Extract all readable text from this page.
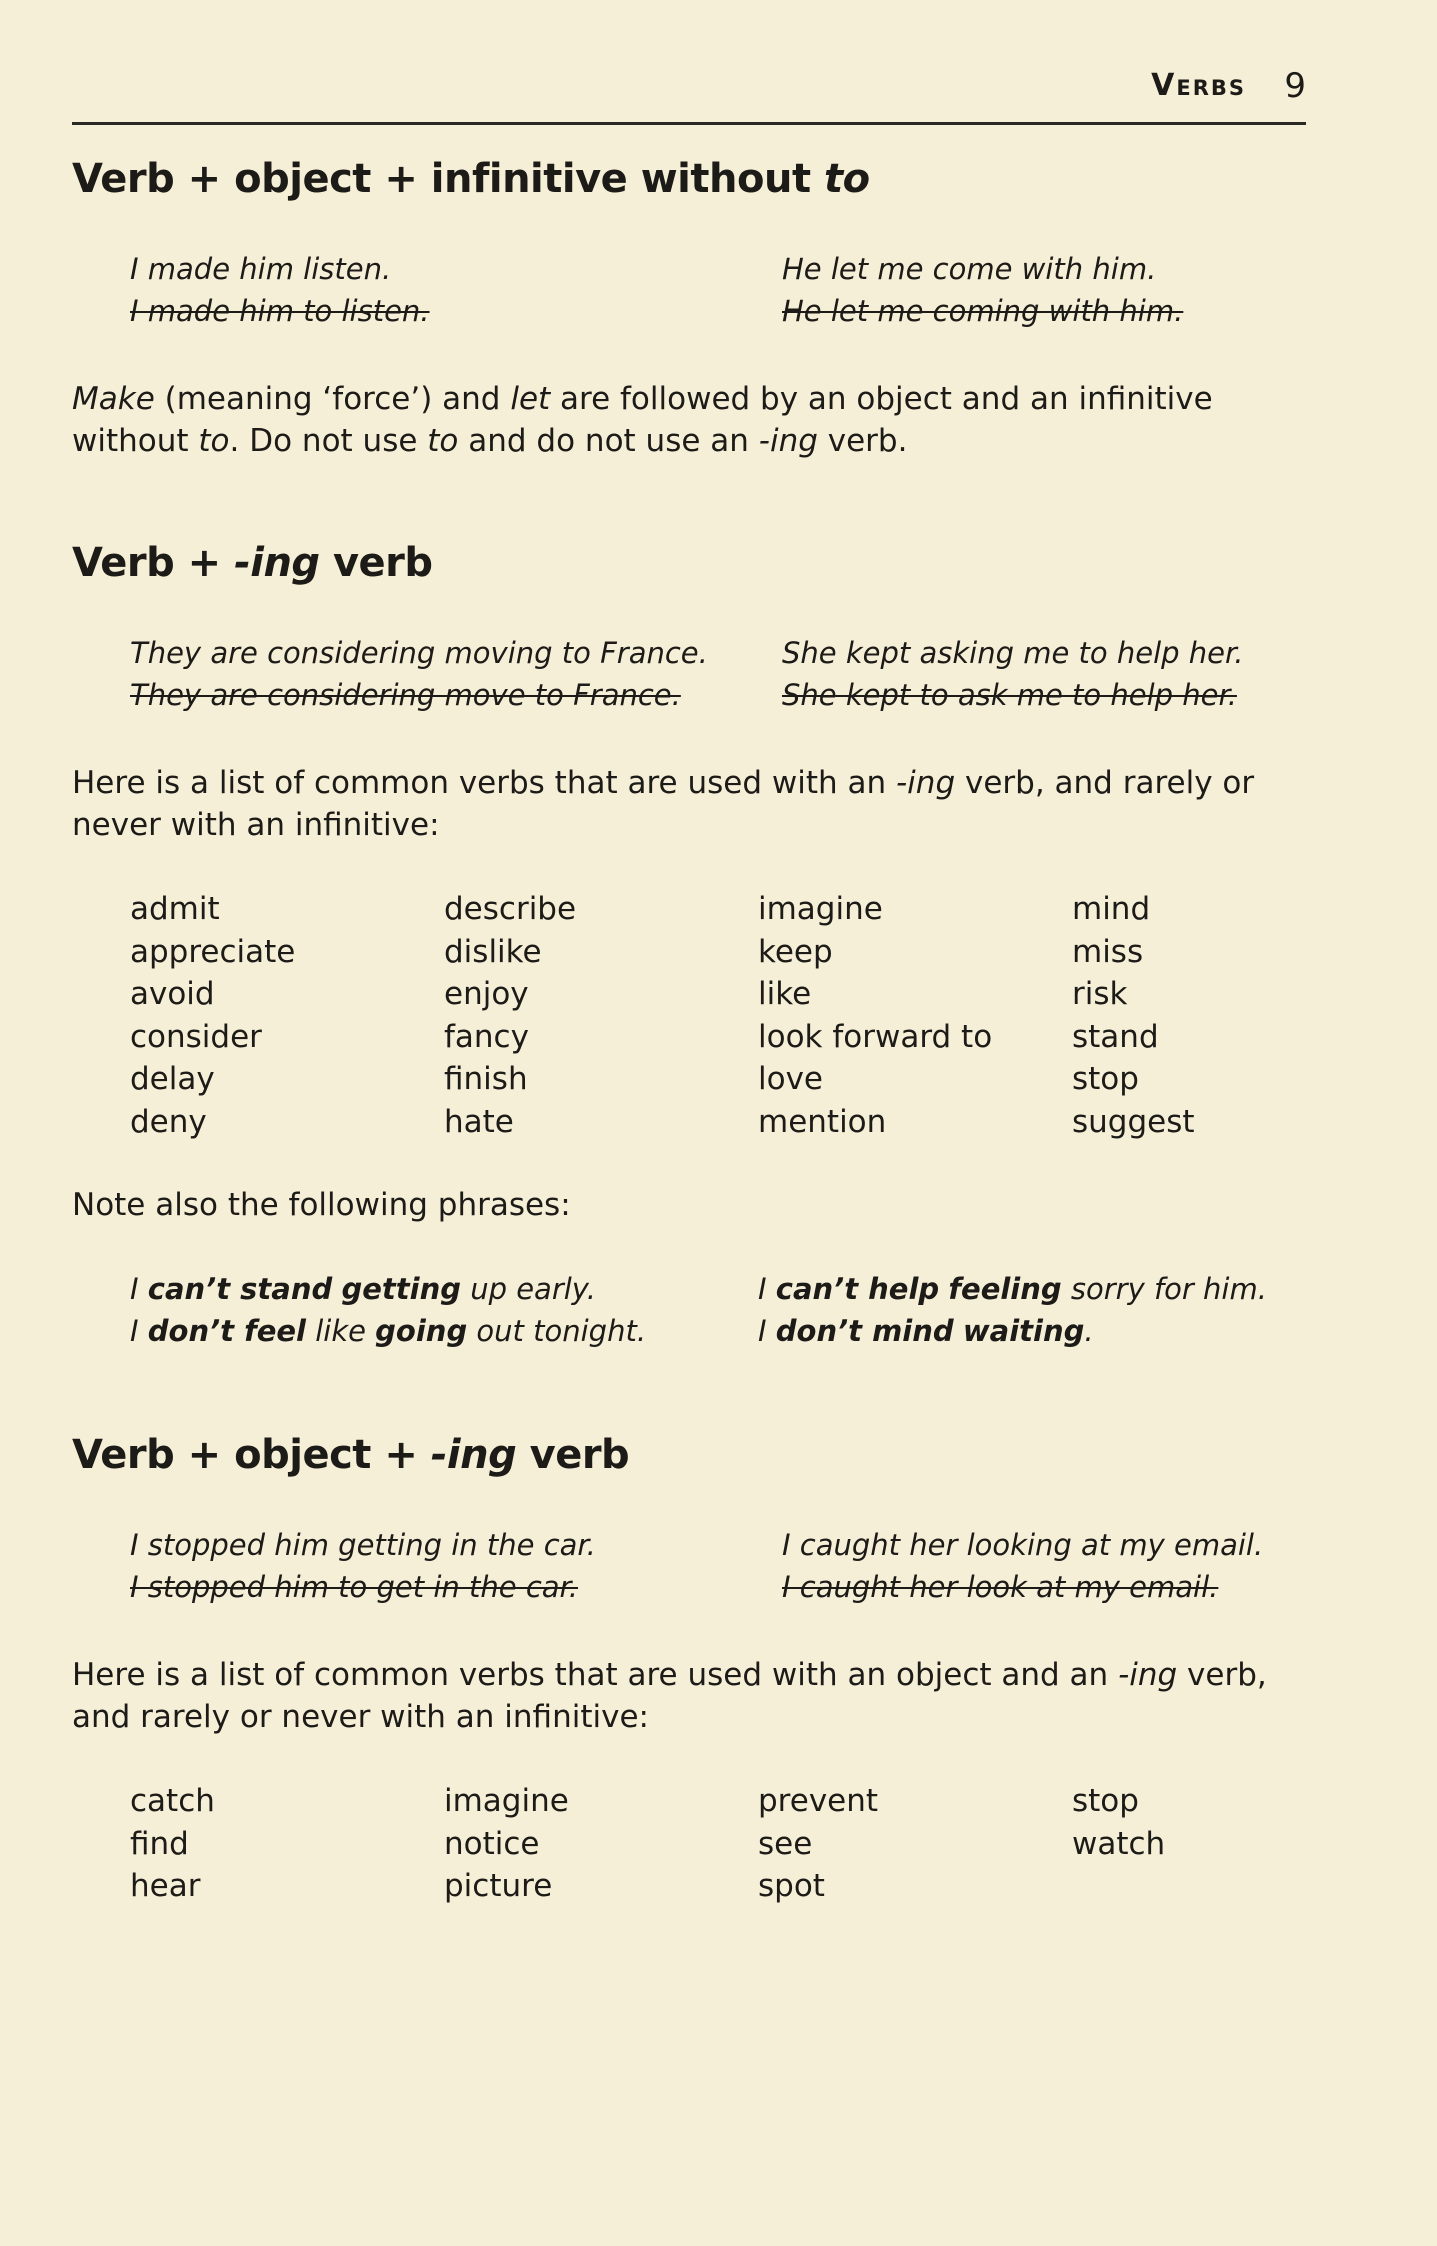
Verbs 9
Verb + object + infinitive without to
I made him listen.
I made him to listen.
He let me come with him.
He let me coming with him.
Make (meaning ‘force’) and let are followed by an object and an infinitive without to. Do not use to and do not use an -ing verb.
Verb + -ing verb
They are considering moving to France.
They are considering move to France.
She kept asking me to help her.
She kept to ask me to help her.
Here is a list of common verbs that are used with an -ing verb, and rarely or never with an infinitive:
admit
appreciate
avoid
consider
delay
deny
describe
dislike
enjoy
fancy
finish
hate
imagine
keep
like
look forward to
love
mention
mind
miss
risk
stand
stop
suggest
Note also the following phrases:
I can’t stand getting up early.
I don’t feel like going out tonight.
I can’t help feeling sorry for him.
I don’t mind waiting.
Verb + object + -ing verb
I stopped him getting in the car.
I stopped him to get in the car.
I caught her looking at my email.
I caught her look at my email.
Here is a list of common verbs that are used with an object and an -ing verb, and rarely or never with an infinitive:
catch
find
hear
imagine
notice
picture
prevent
see
spot
stop
watch
